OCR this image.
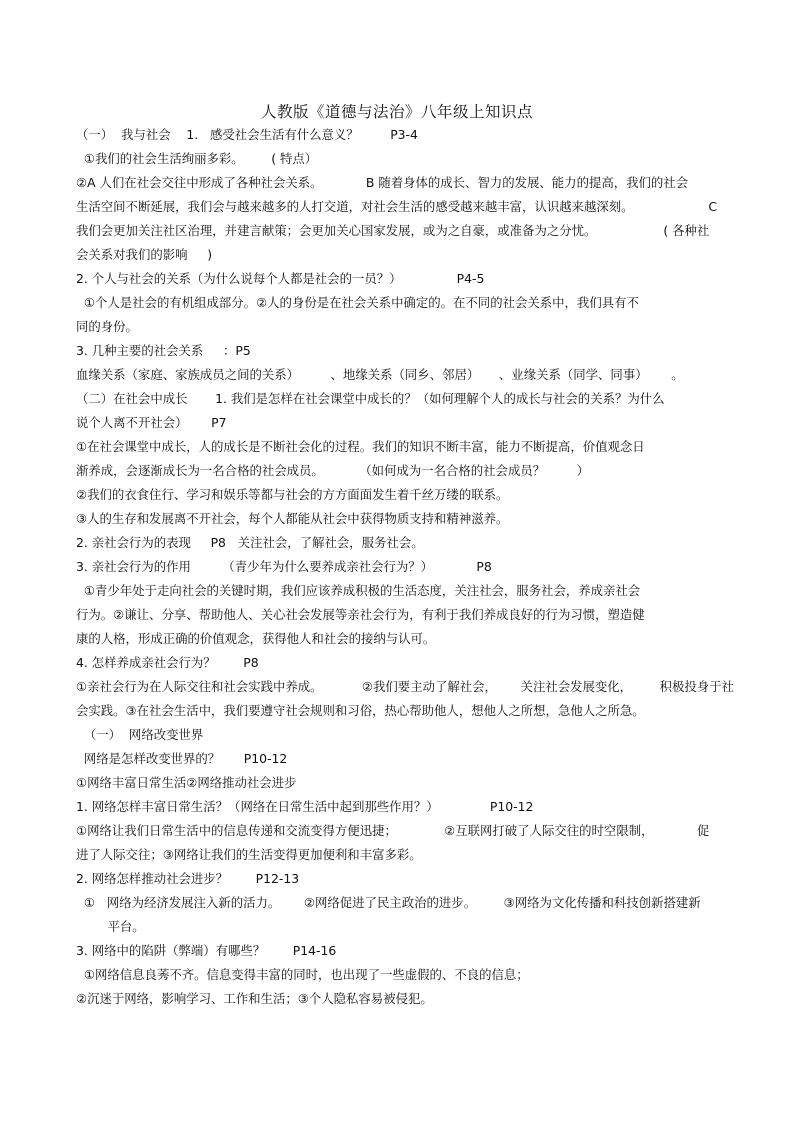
人教版《道德与法治》八年级上知识点
（一）  我与社会    1.   感受社会生活有什么意义？        P3-4
①我们的社会生活绚丽多彩。       ( 特点）
②A 人们在社会交往中形成了各种社会关系。           B 随着身体的成长、智力的发展、能力的提高，我们的社会
生活空间不断延展，我们会与越来越多的人打交道，对社会生活的感受越来越丰富，认识越来越深刻。                   C
我们会更加关注社区治理，并建言献策；会更加关心国家发展，或为之自豪，或准备为之分忧。                 ( 各种社
会关系对我们的影响     )
2. 个人与社会的关系（为什么说每个人都是社会的一员？）              P4-5
①个人是社会的有机组成部分。②人的身份是在社会关系中确定的。在不同的社会关系中，我们具有不
同的身份。
3. 几种主要的社会关系     ：P5
血缘关系（家庭、家族成员之间的关系）        、地缘关系（同乡、邻居）     、业缘关系（同学、同事）      。
（二）在社会中成长       1. 我们是怎样在社会课堂中成长的？（如何理解个人的成长与社会的关系？为什么
说个人离不开社会）      P7
①在社会课堂中成长，人的成长是不断社会化的过程。我们的知识不断丰富，能力不断提高，价值观念日
渐养成，会逐渐成长为一名合格的社会成员。         （如何成为一名合格的社会成员？        ）
②我们的衣食住行、学习和娱乐等都与社会的方方面面发生着千丝万缕的联系。
③人的生存和发展离不开社会，每个人都能从社会中获得物质支持和精神滋养。
2. 亲社会行为的表现     P8   关注社会，了解社会，服务社会。
3. 亲社会行为的作用        （青少年为什么要养成亲社会行为？）           P8
①青少年处于走向社会的关键时期，我们应该养成积极的生活态度，关注社会，服务社会，养成亲社会
行为。②谦让、分享、帮助他人、关心社会发展等亲社会行为，有利于我们养成良好的行为习惯，塑造健
康的人格，形成正确的价值观念，获得他人和社会的接纳与认可。
4. 怎样养成亲社会行为？       P8
①亲社会行为在人际交往和社会实践中养成。          ②我们要主动了解社会，      关注社会发展变化，       积极投身于社
会实践。③在社会生活中，我们要遵守社会规则和习俗，热心帮助他人，想他人之所想，急他人之所急。
（一）  网络改变世界
网络是怎样改变世界的？      P10-12
①网络丰富日常生活②网络推动社会进步
1. 网络怎样丰富日常生活？（网络在日常生活中起到那些作用？）             P10-12
①网络让我们日常生活中的信息传递和交流变得方便迅捷；            ②互联网打破了人际交往的时空限制，           促
进了人际交往；③网络让我们的生活变得更加便利和丰富多彩。
2. 网络怎样推动社会进步？       P12-13
①   网络为经济发展注入新的活力。      ②网络促进了民主政治的进步。       ③网络为文化传播和科技创新搭建新
平台。
3. 网络中的陷阱（弊端）有哪些？       P14-16
①网络信息良莠不齐。信息变得丰富的同时，也出现了一些虚假的、不良的信息；
②沉迷于网络，影响学习、工作和生活；③个人隐私容易被侵犯。
